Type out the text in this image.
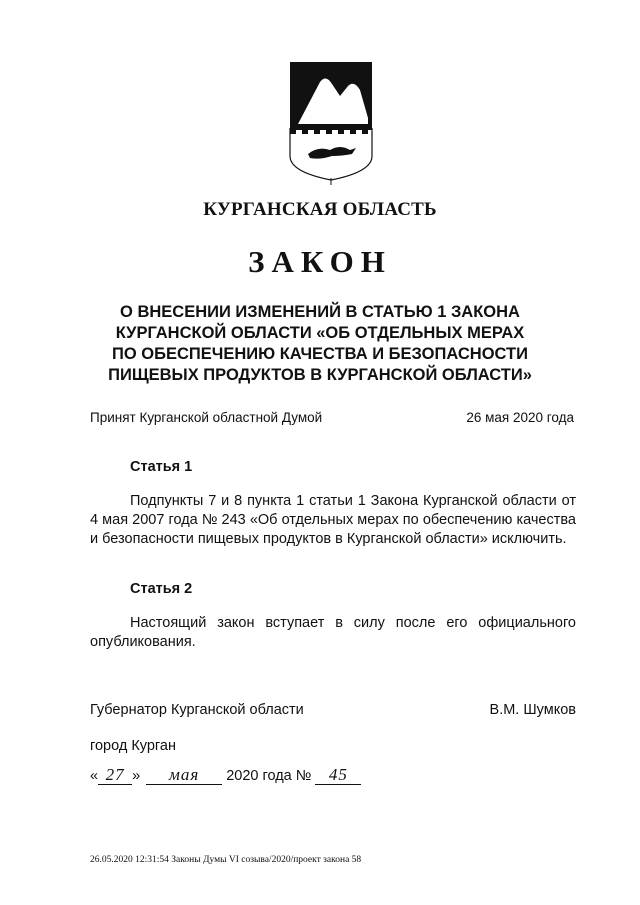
КУРГАНСКАЯ ОБЛАСТЬ
ЗАКОН
О ВНЕСЕНИИ ИЗМЕНЕНИЙ В СТАТЬЮ 1 ЗАКОНА
КУРГАНСКОЙ ОБЛАСТИ «ОБ ОТДЕЛЬНЫХ МЕРАХ
ПО ОБЕСПЕЧЕНИЮ КАЧЕСТВА И БЕЗОПАСНОСТИ
ПИЩЕВЫХ ПРОДУКТОВ В КУРГАНСКОЙ ОБЛАСТИ»
Принят Курганской областной Думой	26 мая 2020 года
Статья 1
Подпункты 7 и 8 пункта 1 статьи 1 Закона Курганской области от 4 мая 2007 года № 243 «Об отдельных мерах по обеспечению качества и безопасности пищевых продуктов в Курганской области» исключить.
Статья 2
Настоящий закон вступает в силу после его официального опубликования.
Губернатор Курганской области	В.М. Шумков
город Курган
« 27 » мая 2020 года № 45
26.05.2020 12:31:54 Законы Думы VI созыва/2020/проект закона 58
